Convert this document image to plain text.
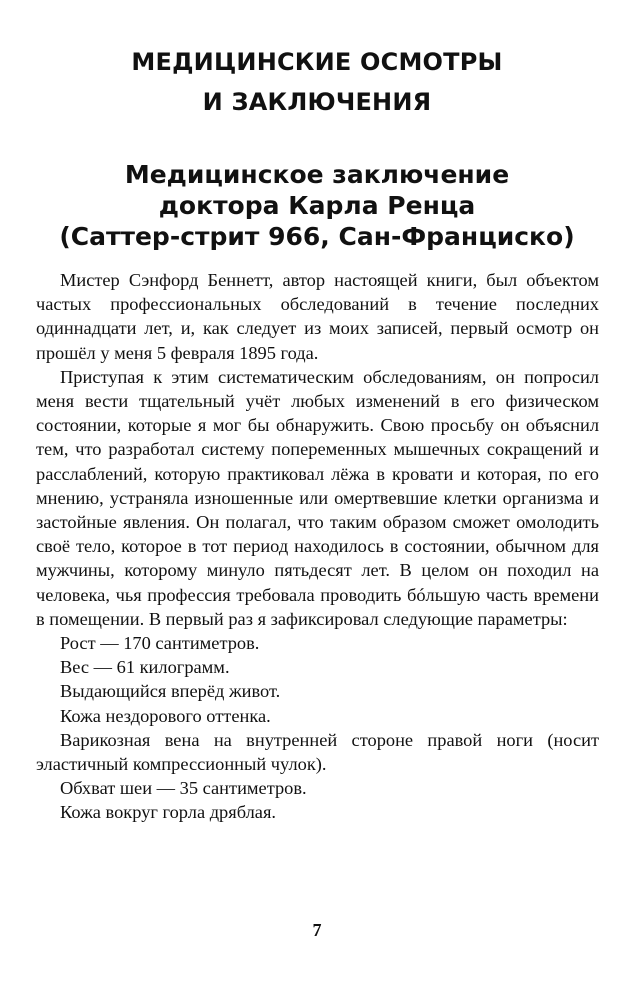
МЕДИЦИНСКИЕ ОСМОТРЫ
И ЗАКЛЮЧЕНИЯ
Медицинское заключение
доктора Карла Ренца
(Саттер-стрит 966, Сан-Франциско)

Мистер Сэнфорд Беннетт, автор настоящей книги, был объектом частых профессиональных обследований в течение последних одиннадцати лет, и, как следует из моих записей, первый осмотр он прошёл у меня 5 февраля 1895 года.

Приступая к этим систематическим обследованиям, он попросил меня вести тщательный учёт любых изменений в его физическом состоянии, которые я мог бы обнаружить. Свою просьбу он объяснил тем, что разработал систему попеременных мышечных сокращений и расслаблений, которую практиковал лёжа в кровати и которая, по его мнению, устраняла изношенные или омертвевшие клетки организма и застойные явления. Он полагал, что таким образом сможет омолодить своё тело, которое в тот период находилось в состоянии, обычном для мужчины, которому минуло пятьдесят лет. В целом он походил на человека, чья профессия требовала проводить бóльшую часть времени в помещении. В первый раз я зафиксировал следующие параметры:

Рост — 170 сантиметров.

Вес — 61 килограмм.

Выдающийся вперёд живот.

Кожа нездорового оттенка.

Варикозная вена на внутренней стороне правой ноги (носит эластичный компрессионный чулок).

Обхват шеи — 35 сантиметров.

Кожа вокруг горла дряблая.

7
